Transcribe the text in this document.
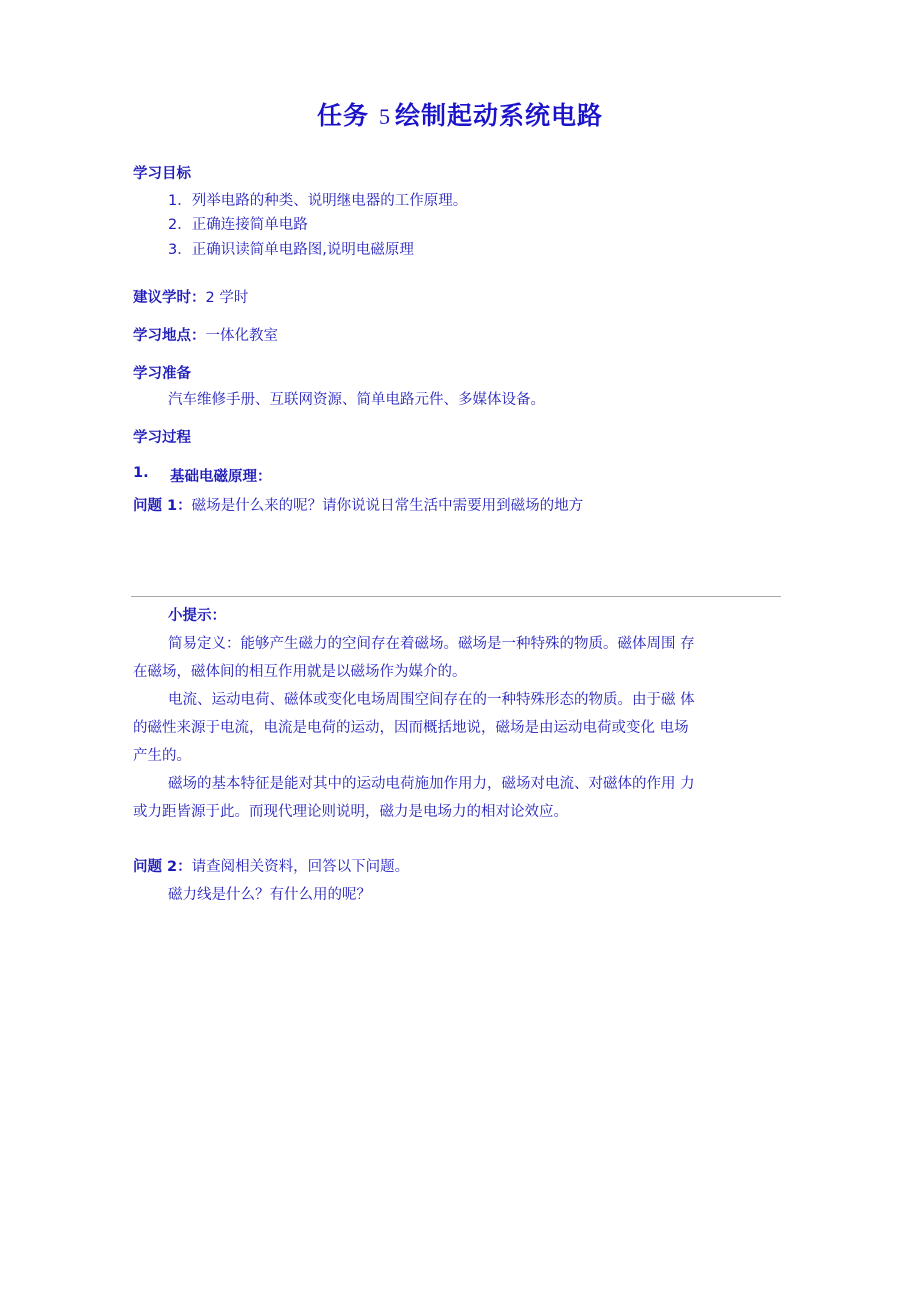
任务 5 绘制起动系统电路
学习目标
1．列举电路的种类、说明继电器的工作原理。
2．正确连接简单电路
3．正确识读简单电路图,说明电磁原理
建议学时：2 学时
学习地点：一体化教室
学习准备
汽车维修手册、互联网资源、简单电路元件、多媒体设备。
学习过程
1. 基础电磁原理：
问题 1：磁场是什么来的呢？请你说说日常生活中需要用到磁场的地方
小提示：
简易定义：能够产生磁力的空间存在着磁场。磁场是一种特殊的物质。磁体周围 存
在磁场，磁体间的相互作用就是以磁场作为媒介的。
电流、运动电荷、磁体或变化电场周围空间存在的一种特殊形态的物质。由于磁 体
的磁性来源于电流，电流是电荷的运动，因而概括地说，磁场是由运动电荷或变化 电场
产生的。
磁场的基本特征是能对其中的运动电荷施加作用力，磁场对电流、对磁体的作用 力
或力距皆源于此。而现代理论则说明，磁力是电场力的相对论效应。
问题 2：请查阅相关资料，回答以下问题。
磁力线是什么？有什么用的呢？
